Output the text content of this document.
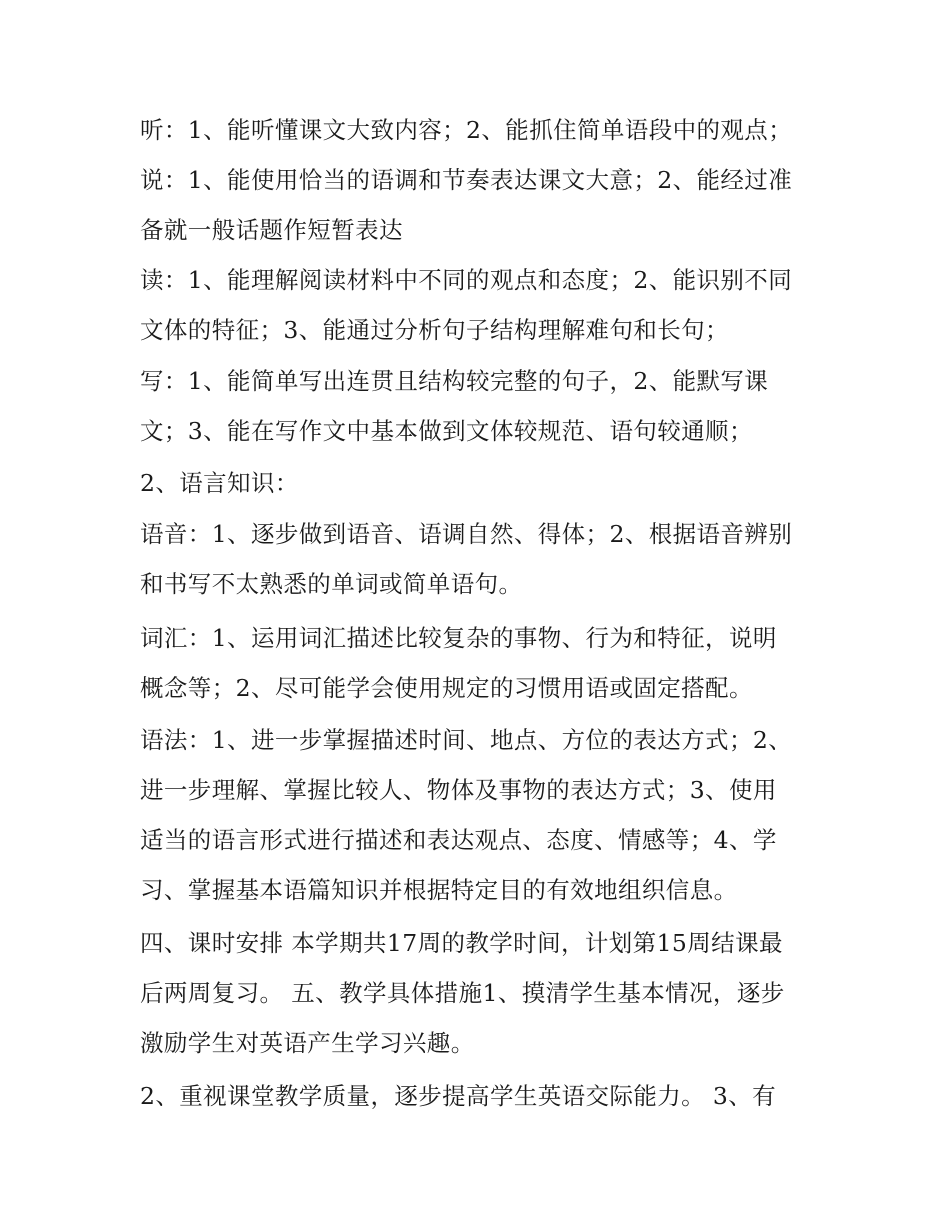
听：1、能听懂课文大致内容；2、能抓住简单语段中的观点；
说：1、能使用恰当的语调和节奏表达课文大意；2、能经过准
备就一般话题作短暂表达
读：1、能理解阅读材料中不同的观点和态度；2、能识别不同
文体的特征；3、能通过分析句子结构理解难句和长句；
写：1、能简单写出连贯且结构较完整的句子，2、能默写课
文；3、能在写作文中基本做到文体较规范、语句较通顺；
2、语言知识：
语音：1、逐步做到语音、语调自然、得体；2、根据语音辨别
和书写不太熟悉的单词或简单语句。
词汇：1、运用词汇描述比较复杂的事物、行为和特征，说明
概念等；2、尽可能学会使用规定的习惯用语或固定搭配。
语法：1、进一步掌握描述时间、地点、方位的表达方式；2、
进一步理解、掌握比较人、物体及事物的表达方式；3、使用
适当的语言形式进行描述和表达观点、态度、情感等；4、学
习、掌握基本语篇知识并根据特定目的有效地组织信息。
四、课时安排 本学期共17周的教学时间，计划第15周结课最
后两周复习。 五、教学具体措施1、摸清学生基本情况，逐步
激励学生对英语产生学习兴趣。
2、重视课堂教学质量，逐步提高学生英语交际能力。 3、有
